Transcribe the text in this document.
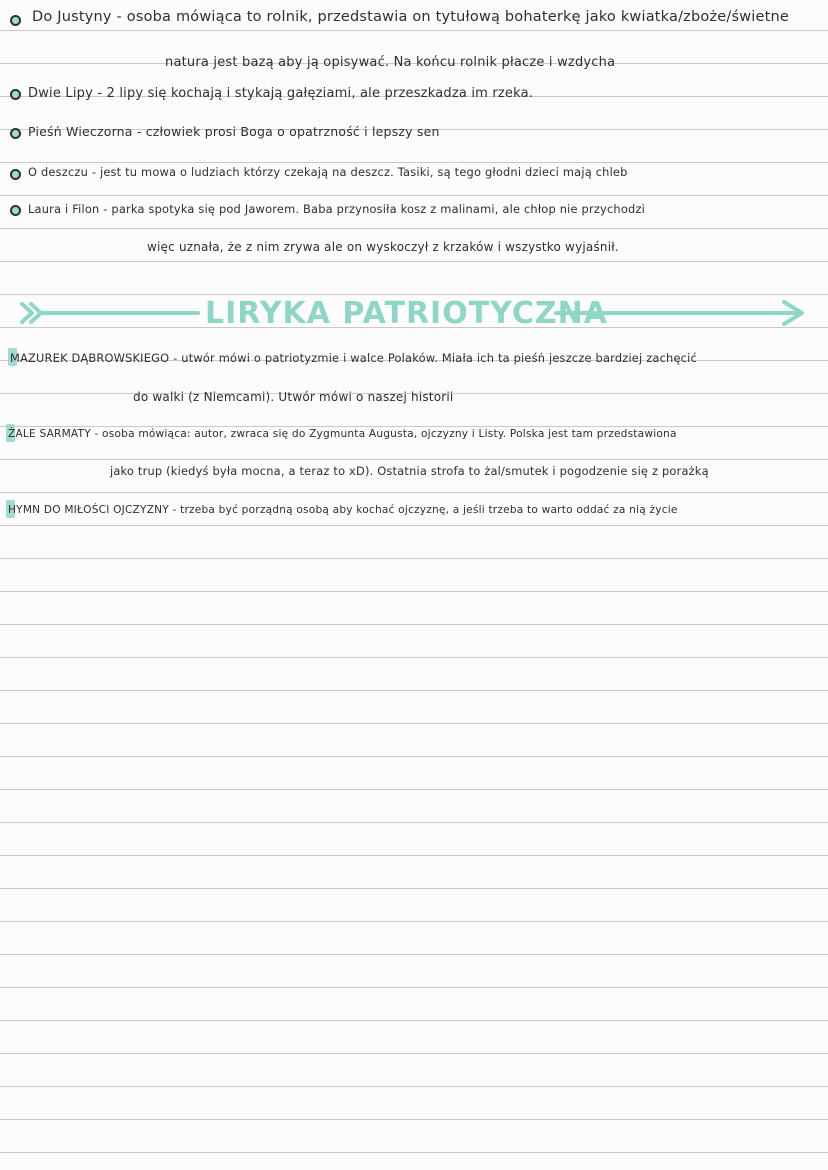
Do Justyny - osoba mówiąca to rolnik, przedstawia on tytułową bohaterkę jako kwiatka/zboże/świetne
natura jest bazą aby ją opisywać. Na końcu rolnik płacze i wzdycha
Dwie Lipy - 2 lipy się kochają i stykają gałęziami, ale przeszkadza im rzeka.
Pieśń Wieczorna - człowiek prosi Boga o opatrzność i lepszy sen
O deszczu - jest tu mowa o ludziach którzy czekają na deszcz. Tasiki, są tego głodni dzieci mają chleb
Laura i Filon - parka spotyka się pod Jaworem. Baba przynosiła kosz z malinami, ale chłop nie przychodzi
więc uznała, że z nim zrywa ale on wyskoczył z krzaków i wszystko wyjaśnił.
LIRYKA PATRIOTYCZNA
MAZUREK DĄBROWSKIEGO - utwór mówi o patriotyzmie i walce Polaków. Miała ich ta pieśń jeszcze bardziej zachęcić
do walki (z Niemcami). Utwór mówi o naszej historii
ŻALE SARMATY - osoba mówiąca: autor, zwraca się do Zygmunta Augusta, ojczyzny i Listy. Polska jest tam przedstawiona
jako trup (kiedyś była mocna, a teraz to xD). Ostatnia strofa to żal/smutek i pogodzenie się z porażką
HYMN DO MIŁOŚCI OJCZYZNY - trzeba być porządną osobą aby kochać ojczyznę, a jeśli trzeba to warto oddać za nią życie
